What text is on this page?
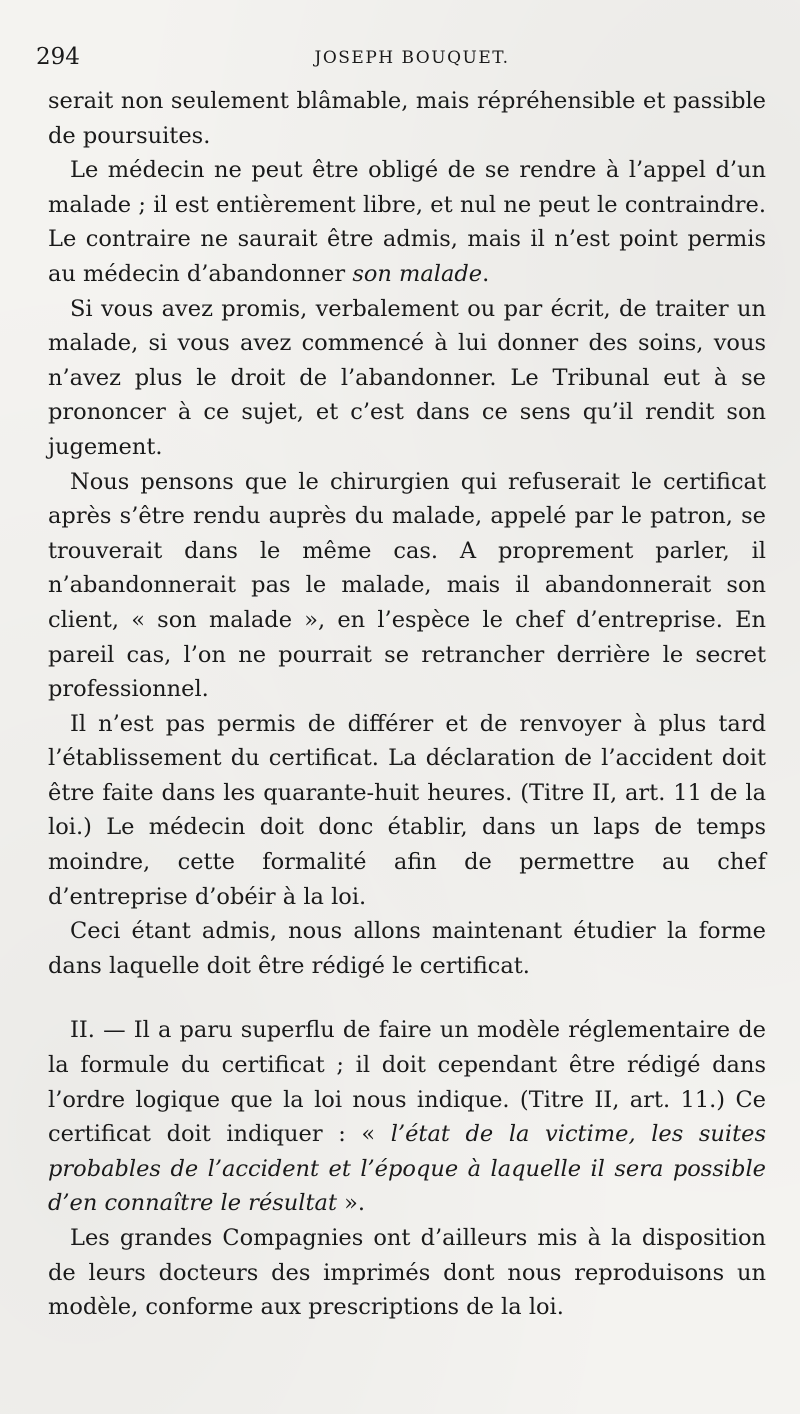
294	JOSEPH BOUQUET.

serait non seulement blâmable, mais répréhensible et passible de poursuites.

Le médecin ne peut être obligé de se rendre à l’appel d’un malade ; il est entièrement libre, et nul ne peut le contraindre. Le contraire ne saurait être admis, mais il n’est point permis au médecin d’abandonner son malade.

Si vous avez promis, verbalement ou par écrit, de traiter un malade, si vous avez commencé à lui donner des soins, vous n’avez plus le droit de l’abandonner. Le Tribunal eut à se prononcer à ce sujet, et c’est dans ce sens qu’il rendit son jugement.

Nous pensons que le chirurgien qui refuserait le certificat après s’être rendu auprès du malade, appelé par le patron, se trouverait dans le même cas. A proprement parler, il n’abandonnerait pas le malade, mais il abandonnerait son client, « son malade », en l’espèce le chef d’entreprise. En pareil cas, l’on ne pourrait se retrancher derrière le secret professionnel.

Il n’est pas permis de différer et de renvoyer à plus tard l’établissement du certificat. La déclaration de l’accident doit être faite dans les quarante-huit heures. (Titre II, art. 11 de la loi.) Le médecin doit donc établir, dans un laps de temps moindre, cette formalité afin de permettre au chef d’entreprise d’obéir à la loi.

Ceci étant admis, nous allons maintenant étudier la forme dans laquelle doit être rédigé le certificat.

II. — Il a paru superflu de faire un modèle réglementaire de la formule du certificat ; il doit cependant être rédigé dans l’ordre logique que la loi nous indique. (Titre II, art. 11.) Ce certificat doit indiquer : « l’état de la victime, les suites probables de l’accident et l’époque à laquelle il sera possible d’en connaître le résultat ».

Les grandes Compagnies ont d’ailleurs mis à la disposition de leurs docteurs des imprimés dont nous reproduisons un modèle, conforme aux prescriptions de la loi.
